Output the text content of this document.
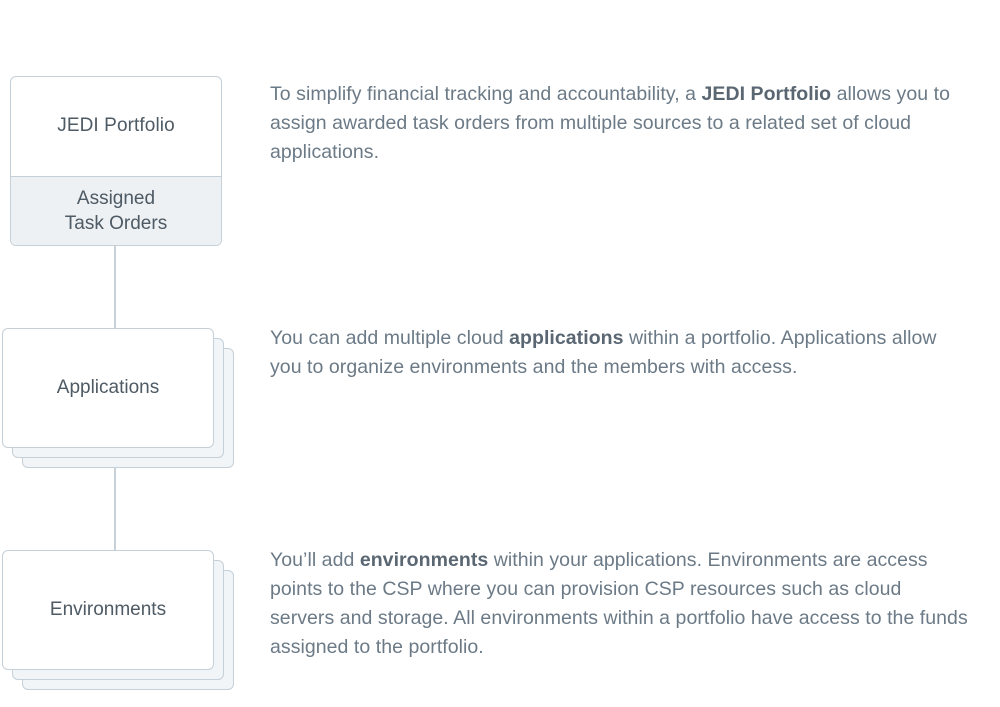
JEDI Portfolio
Assigned
Task Orders
Applications
Environments
To simplify financial tracking and accountability, a JEDI Portfolio allows you to assign awarded task orders from multiple sources to a related set of cloud applications.
You can add multiple cloud applications within a portfolio. Applications allow you to organize environments and the members with access.
You’ll add environments within your applications. Environments are access points to the CSP where you can provision CSP resources such as cloud servers and storage. All environments within a portfolio have access to the funds assigned to the portfolio.
